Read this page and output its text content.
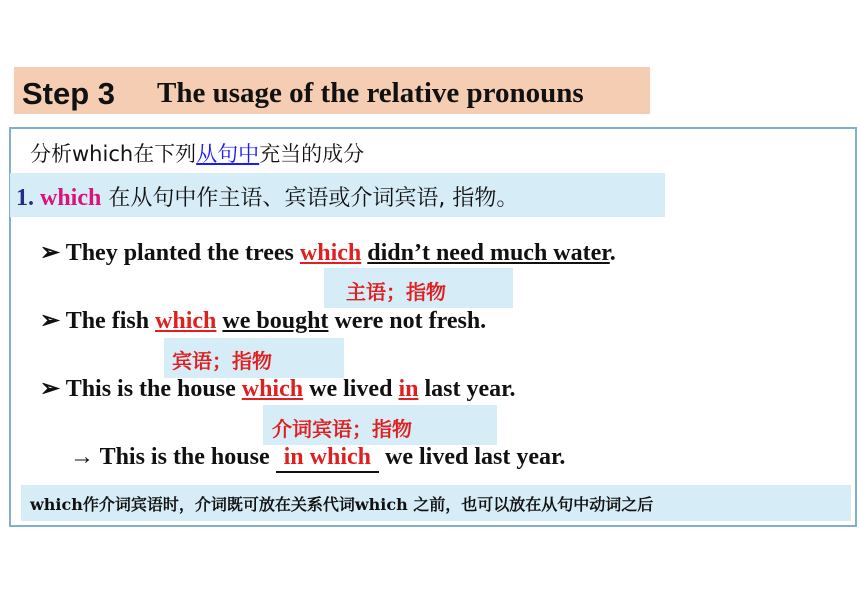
Step 3 The usage of the relative pronouns
分析which在下列从句中充当的成分
1. which 在从句中作主语、宾语或介词宾语, 指物。
➢ They planted the trees which didn’t need much water.
主语；指物
➢ The fish which we bought were not fresh.
宾语；指物
➢ This is the house which we lived in last year.
介词宾语；指物
→ This is the house in which we lived last year.
which作介词宾语时，介词既可放在关系代词which 之前，也可以放在从句中动词之后
